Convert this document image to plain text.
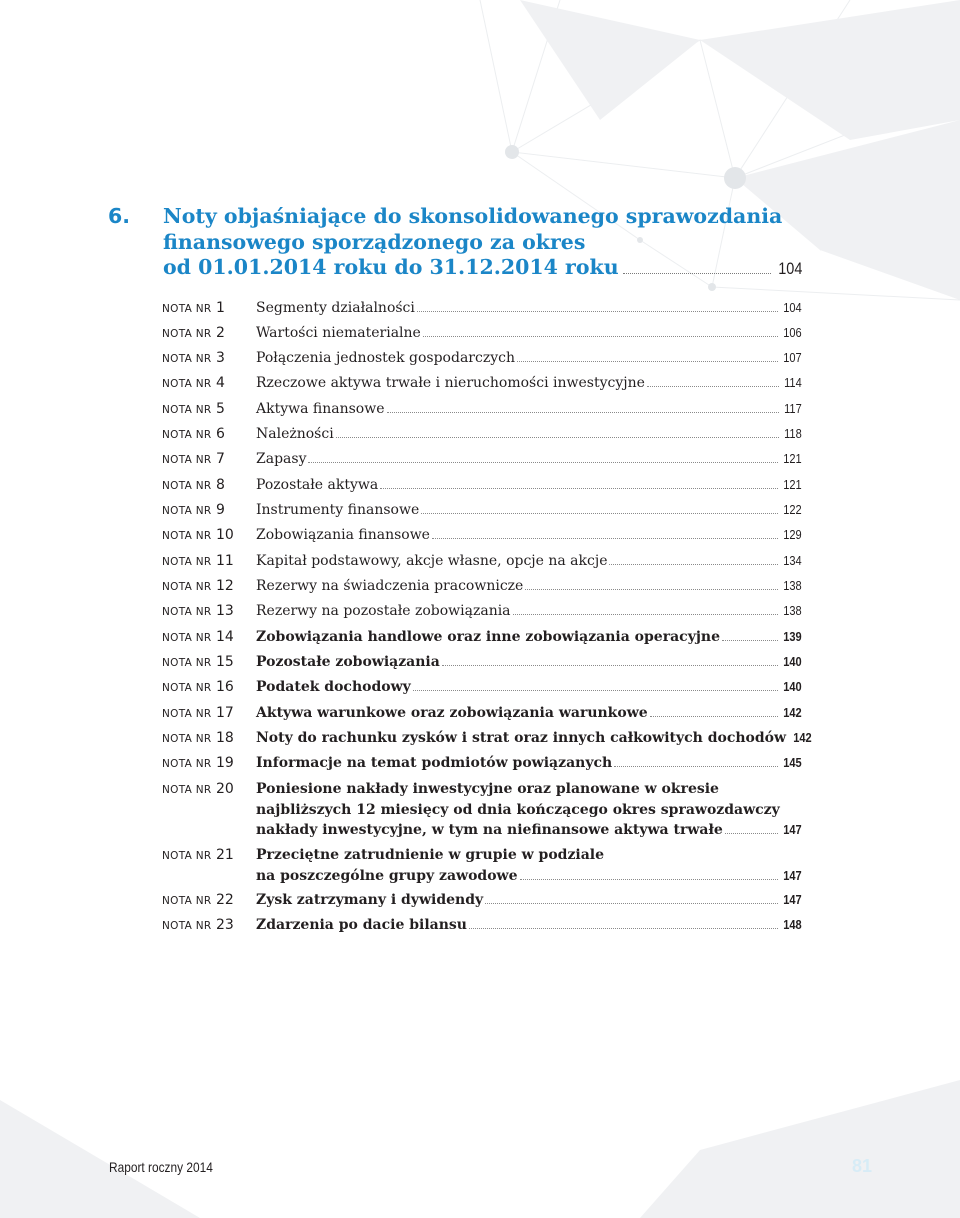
6. Noty objaśniające do skonsolidowanego sprawozdania
finansowego sporządzonego za okres
od 01.01.2014 roku do 31.12.2014 roku	104
NOTA NR 1	Segmenty działalności	104
NOTA NR 2	Wartości niematerialne	106
NOTA NR 3	Połączenia jednostek gospodarczych	107
NOTA NR 4	Rzeczowe aktywa trwałe i nieruchomości inwestycyjne	114
NOTA NR 5	Aktywa finansowe	117
NOTA NR 6	Należności	118
NOTA NR 7	Zapasy	121
NOTA NR 8	Pozostałe aktywa	121
NOTA NR 9	Instrumenty finansowe	122
NOTA NR 10	Zobowiązania finansowe	129
NOTA NR 11	Kapitał podstawowy, akcje własne, opcje na akcje	134
NOTA NR 12	Rezerwy na świadczenia pracownicze	138
NOTA NR 13	Rezerwy na pozostałe zobowiązania	138
NOTA NR 14	Zobowiązania handlowe oraz inne zobowiązania operacyjne	139
NOTA NR 15	Pozostałe zobowiązania	140
NOTA NR 16	Podatek dochodowy	140
NOTA NR 17	Aktywa warunkowe oraz zobowiązania warunkowe	142
NOTA NR 18	Noty do rachunku zysków i strat oraz innych całkowitych dochodów 142
NOTA NR 19	Informacje na temat podmiotów powiązanych	145
NOTA NR 20	Poniesione nakłady inwestycyjne oraz planowane w okresie
najbliższych 12 miesięcy od dnia kończącego okres sprawozdawczy
nakłady inwestycyjne, w tym na niefinansowe aktywa trwałe	147
NOTA NR 21	Przeciętne zatrudnienie w grupie w podziale
na poszczególne grupy zawodowe	147
NOTA NR 22	Zysk zatrzymany i dywidendy	147
NOTA NR 23	Zdarzenia po dacie bilansu	148
Raport roczny 2014	81
